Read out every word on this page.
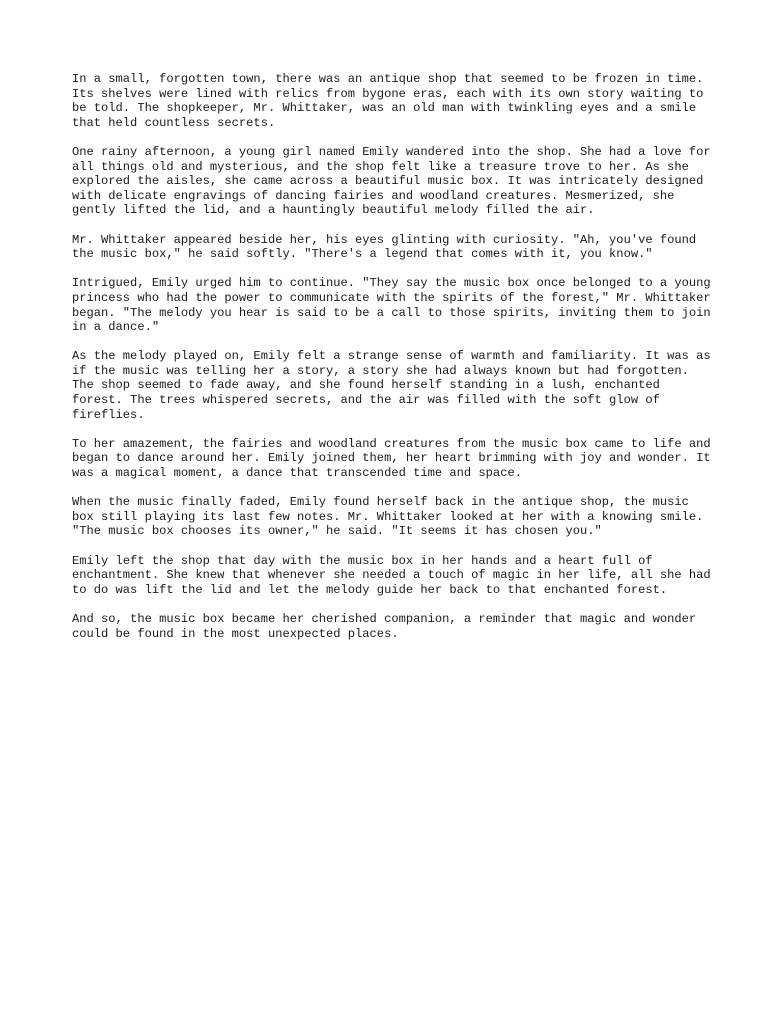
In a small, forgotten town, there was an antique shop that seemed to be frozen in time. Its shelves were lined with relics from bygone eras, each with its own story waiting to be told. The shopkeeper, Mr. Whittaker, was an old man with twinkling eyes and a smile that held countless secrets.

One rainy afternoon, a young girl named Emily wandered into the shop. She had a love for all things old and mysterious, and the shop felt like a treasure trove to her. As she explored the aisles, she came across a beautiful music box. It was intricately designed with delicate engravings of dancing fairies and woodland creatures. Mesmerized, she gently lifted the lid, and a hauntingly beautiful melody filled the air.

Mr. Whittaker appeared beside her, his eyes glinting with curiosity. "Ah, you've found the music box," he said softly. "There's a legend that comes with it, you know."

Intrigued, Emily urged him to continue. "They say the music box once belonged to a young princess who had the power to communicate with the spirits of the forest," Mr. Whittaker began. "The melody you hear is said to be a call to those spirits, inviting them to join in a dance."

As the melody played on, Emily felt a strange sense of warmth and familiarity. It was as if the music was telling her a story, a story she had always known but had forgotten. The shop seemed to fade away, and she found herself standing in a lush, enchanted forest. The trees whispered secrets, and the air was filled with the soft glow of fireflies.

To her amazement, the fairies and woodland creatures from the music box came to life and began to dance around her. Emily joined them, her heart brimming with joy and wonder. It was a magical moment, a dance that transcended time and space.

When the music finally faded, Emily found herself back in the antique shop, the music box still playing its last few notes. Mr. Whittaker looked at her with a knowing smile. "The music box chooses its owner," he said. "It seems it has chosen you."

Emily left the shop that day with the music box in her hands and a heart full of enchantment. She knew that whenever she needed a touch of magic in her life, all she had to do was lift the lid and let the melody guide her back to that enchanted forest.

And so, the music box became her cherished companion, a reminder that magic and wonder could be found in the most unexpected places.
